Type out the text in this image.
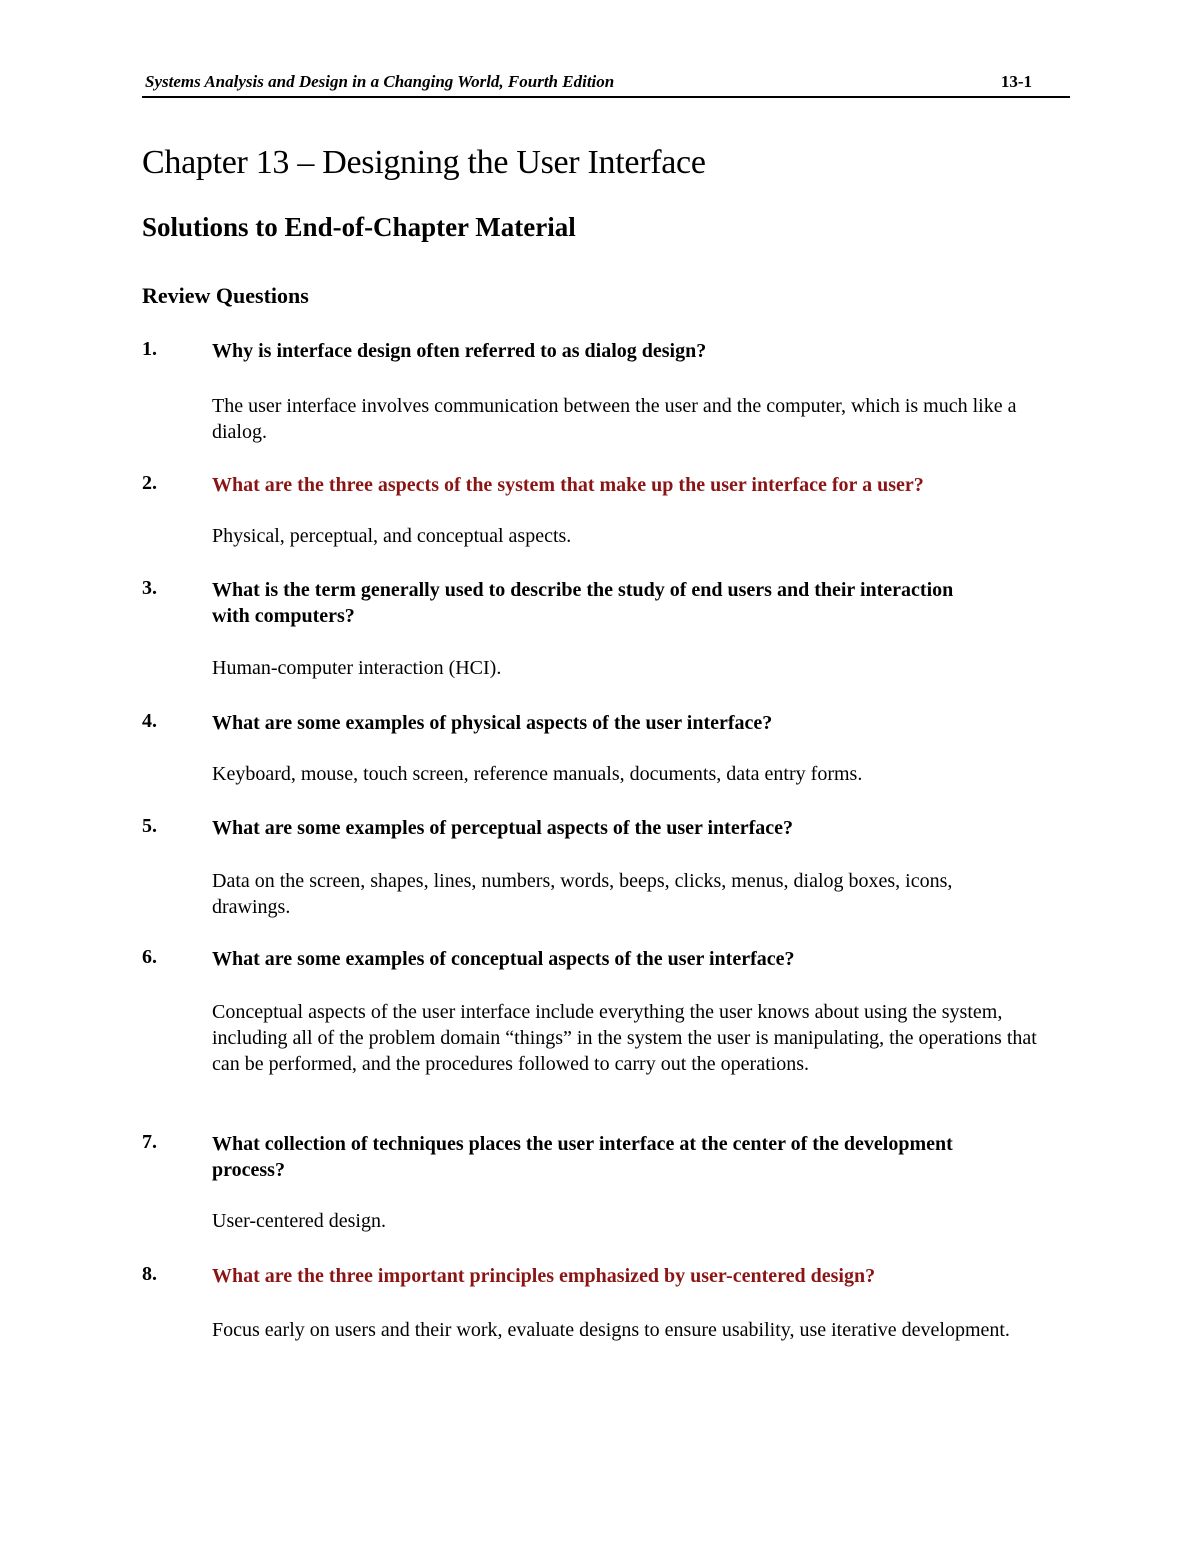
Systems Analysis and Design in a Changing World, Fourth Edition	13-1
Chapter 13 – Designing the User Interface
Solutions to End-of-Chapter Material
Review Questions
1.	Why is interface design often referred to as dialog design?
The user interface involves communication between the user and the computer, which is much like a dialog.
2.	What are the three aspects of the system that make up the user interface for a user?
Physical, perceptual, and conceptual aspects.
3.	What is the term generally used to describe the study of end users and their interaction with computers?
Human-computer interaction (HCI).
4.	What are some examples of physical aspects of the user interface?
Keyboard, mouse, touch screen, reference manuals, documents, data entry forms.
5.	What are some examples of perceptual aspects of the user interface?
Data on the screen, shapes, lines, numbers, words, beeps, clicks, menus, dialog boxes, icons, drawings.
6.	What are some examples of conceptual aspects of the user interface?
Conceptual aspects of the user interface include everything the user knows about using the system, including all of the problem domain “things” in the system the user is manipulating, the operations that can be performed, and the procedures followed to carry out the operations.
7.	What collection of techniques places the user interface at the center of the development process?
User-centered design.
8.	What are the three important principles emphasized by user-centered design?
Focus early on users and their work, evaluate designs to ensure usability, use iterative development.
